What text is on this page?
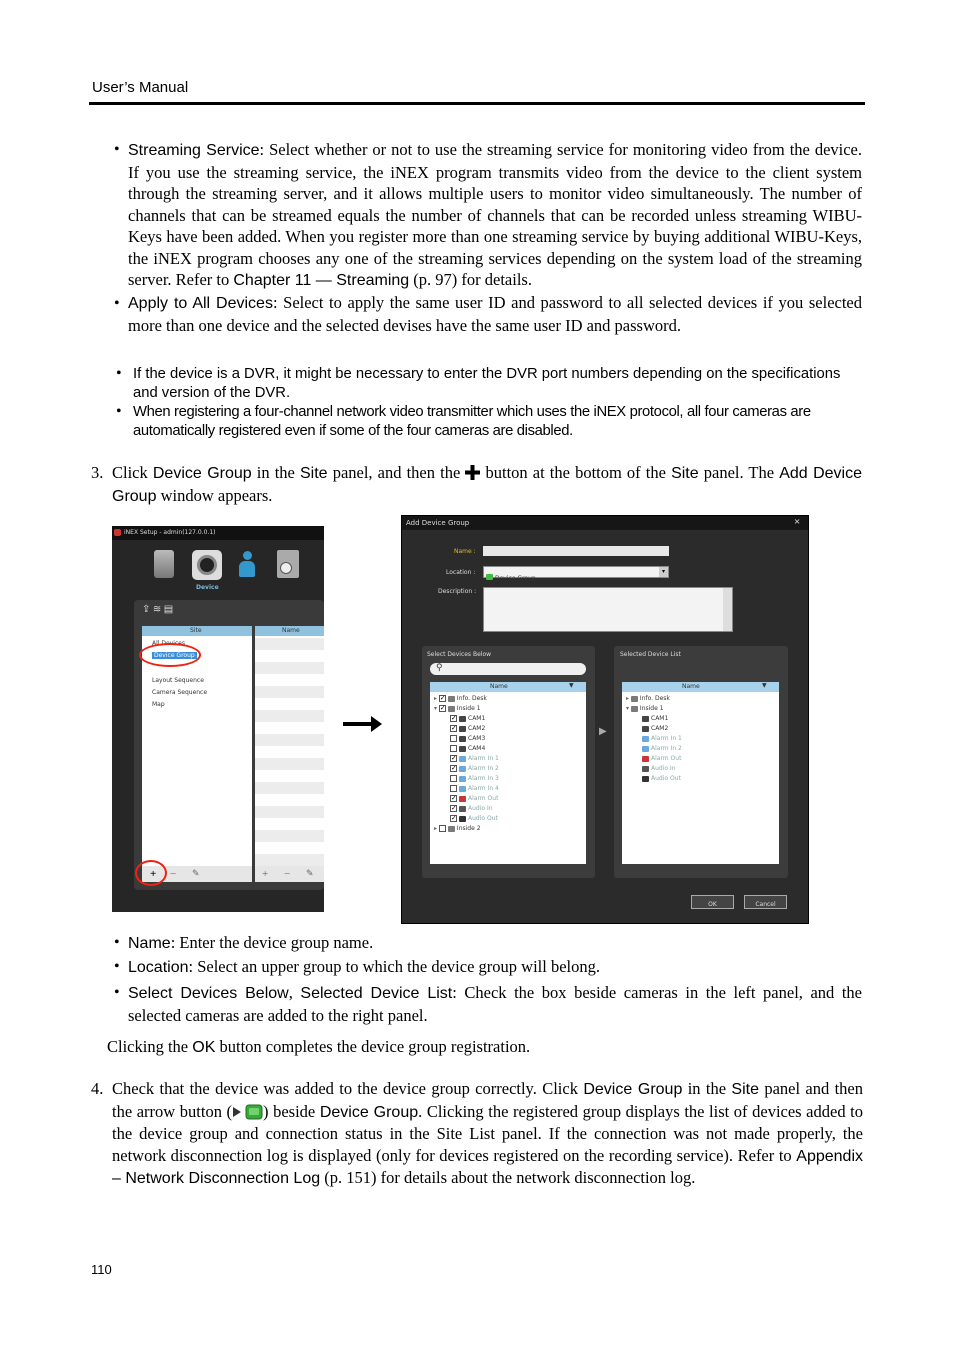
User’s Manual
• Streaming Service: Select whether or not to use the streaming service for monitoring video from the device. If you use the streaming service, the iNEX program transmits video from the device to the client system through the streaming server, and it allows multiple users to monitor video simultaneously. The number of channels that can be streamed equals the number of channels that can be recorded unless streaming WIBU-Keys have been added. When you register more than one streaming service by buying additional WIBU-Keys, the iNEX program chooses any one of the streaming services depending on the system load of the streaming server. Refer to Chapter 11 — Streaming (p. 97) for details.
• Apply to All Devices: Select to apply the same user ID and password to all selected devices if you selected more than one device and the selected devises have the same user ID and password.
• If the device is a DVR, it might be necessary to enter the DVR port numbers depending on the specifications and version of the DVR.
• When registering a four-channel network video transmitter which uses the iNEX protocol, all four cameras are automatically registered even if some of the four cameras are disabled.
3. Click Device Group in the Site panel, and then the  button at the bottom of the Site panel. The Add Device Group window appears.
iNEX Setup - admin(127.0.0.1)
Device
⇪ ≋ ▤
Site
All Devices
Device Group
Layout Sequence
Camera Sequence
Map
Name
+ − ✎	+ − ✎
Add Device Group	×
Name :
Location :
Device Group
▾
Description :
Select Devices Below
⚲
Name	▼
▸ ✓	Info. Desk
▾ ✓	Inside 1
✓CAM1
✓CAM2
CAM3
CAM4
✓Alarm In 1
✓Alarm In 2
Alarm In 3
Alarm In 4
✓Alarm Out
✓Audio In
✓Audio Out
▸	Inside 2
▶
Selected Device List
Name	▼
▸ Info. Desk
▾ Inside 1
CAM1
CAM2
Alarm In 1
Alarm In 2
Alarm Out
Audio In
Audio Out
OK	Cancel
• Name: Enter the device group name.
• Location: Select an upper group to which the device group will belong.
• Select Devices Below, Selected Device List: Check the box beside cameras in the left panel, and the selected cameras are added to the right panel.
Clicking the OK button completes the device group registration.
4. Check that the device was added to the device group correctly. Click Device Group in the Site panel and then the arrow button ( ) beside Device Group. Clicking the registered group displays the list of devices added to the device group and connection status in the Site List panel. If the connection was not made properly, the network disconnection log is displayed (only for devices registered on the recording service). Refer to Appendix – Network Disconnection Log (p. 151) for details about the network disconnection log.
110
